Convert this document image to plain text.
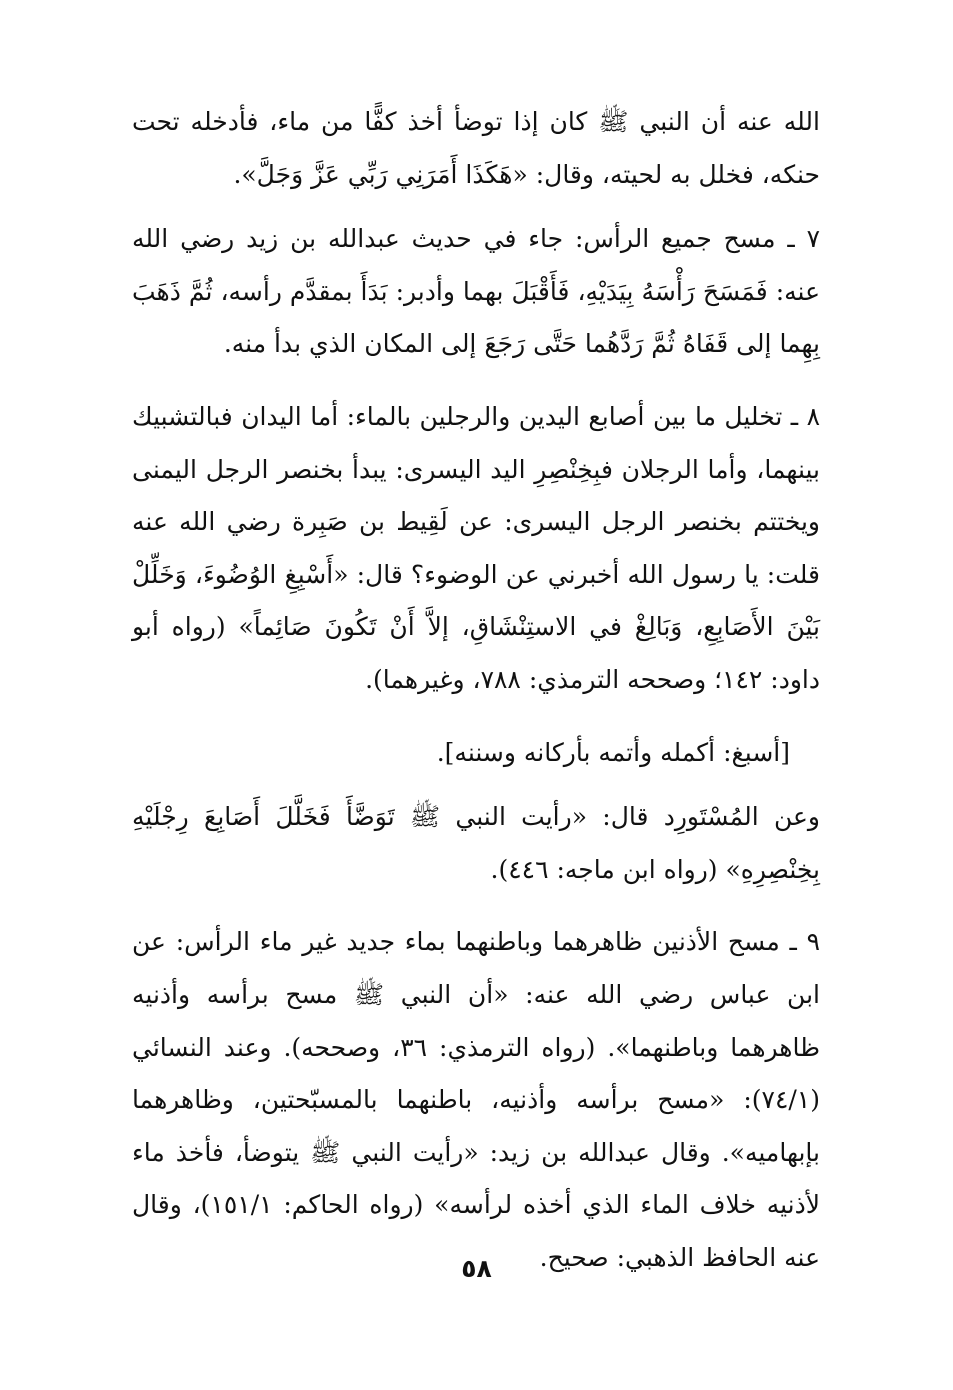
الله عنه أن النبي ﷺ كان إذا توضأ أخذ كفًّا من ماء، فأدخله تحت حنكه، فخلل به لحيته، وقال: «هَكَذَا أَمَرَنِي رَبِّي عَزَّ وَجَلَّ».

٧ ـ مسح جميع الرأس: جاء في حديث عبدالله بن زيد رضي الله عنه: فَمَسَحَ رَأْسَهُ بِيَدَيْهِ، فَأَقْبَلَ بهما وأدبر: بَدَأَ بمقدَّم رأسه، ثُمَّ ذَهَبَ بِهِما إلى قَفَاهُ ثُمَّ رَدَّهُما حَتَّى رَجَعَ إلى المكان الذي بدأ منه.

٨ ـ تخليل ما بين أصابع اليدين والرجلين بالماء: أما اليدان فبالتشبيك بينهما، وأما الرجلان فبِخِنْصِرِ اليد اليسرى: يبدأ بخنصر الرجل اليمنى ويختتم بخنصر الرجل اليسرى: عن لَقِيط بن صَبِرة رضي الله عنه قلت: يا رسول الله أخبرني عن الوضوء؟ قال: «أَسْبِغِ الوُضُوءَ، وَخَلِّلْ بَيْنَ الأَصَابِعِ، وَبَالِغْ في الاستِنْشَاقِ، إلاَّ أَنْ تَكُونَ صَائِماً» (رواه أبو داود: ١٤٢؛ وصححه الترمذي: ٧٨٨، وغيرهما).

[أسبغ: أكمله وأتمه بأركانه وسننه].

وعن المُسْتَورِد قال: «رأيت النبي ﷺ تَوَضَّأَ فَخَلَّلَ أَصَابِعَ رِجْلَيْهِ بِخِنْصِرِهِ» (رواه ابن ماجه: ٤٤٦).

٩ ـ مسح الأذنين ظاهرهما وباطنهما بماء جديد غير ماء الرأس: عن ابن عباس رضي الله عنه: «أن النبي ﷺ مسح برأسه وأذنيه ظاهرهما وباطنهما». (رواه الترمذي: ٣٦، وصححه). وعند النسائي (٧٤/١): «مسح برأسه وأذنيه، باطنهما بالمسبّحتين، وظاهرهما بإبهاميه». وقال عبدالله بن زيد: «رأيت النبي ﷺ يتوضأ، فأخذ ماء لأذنيه خلاف الماء الذي أخذه لرأسه» (رواه الحاكم: ١٥١/١)، وقال عنه الحافظ الذهبي: صحيح.

٥٨
